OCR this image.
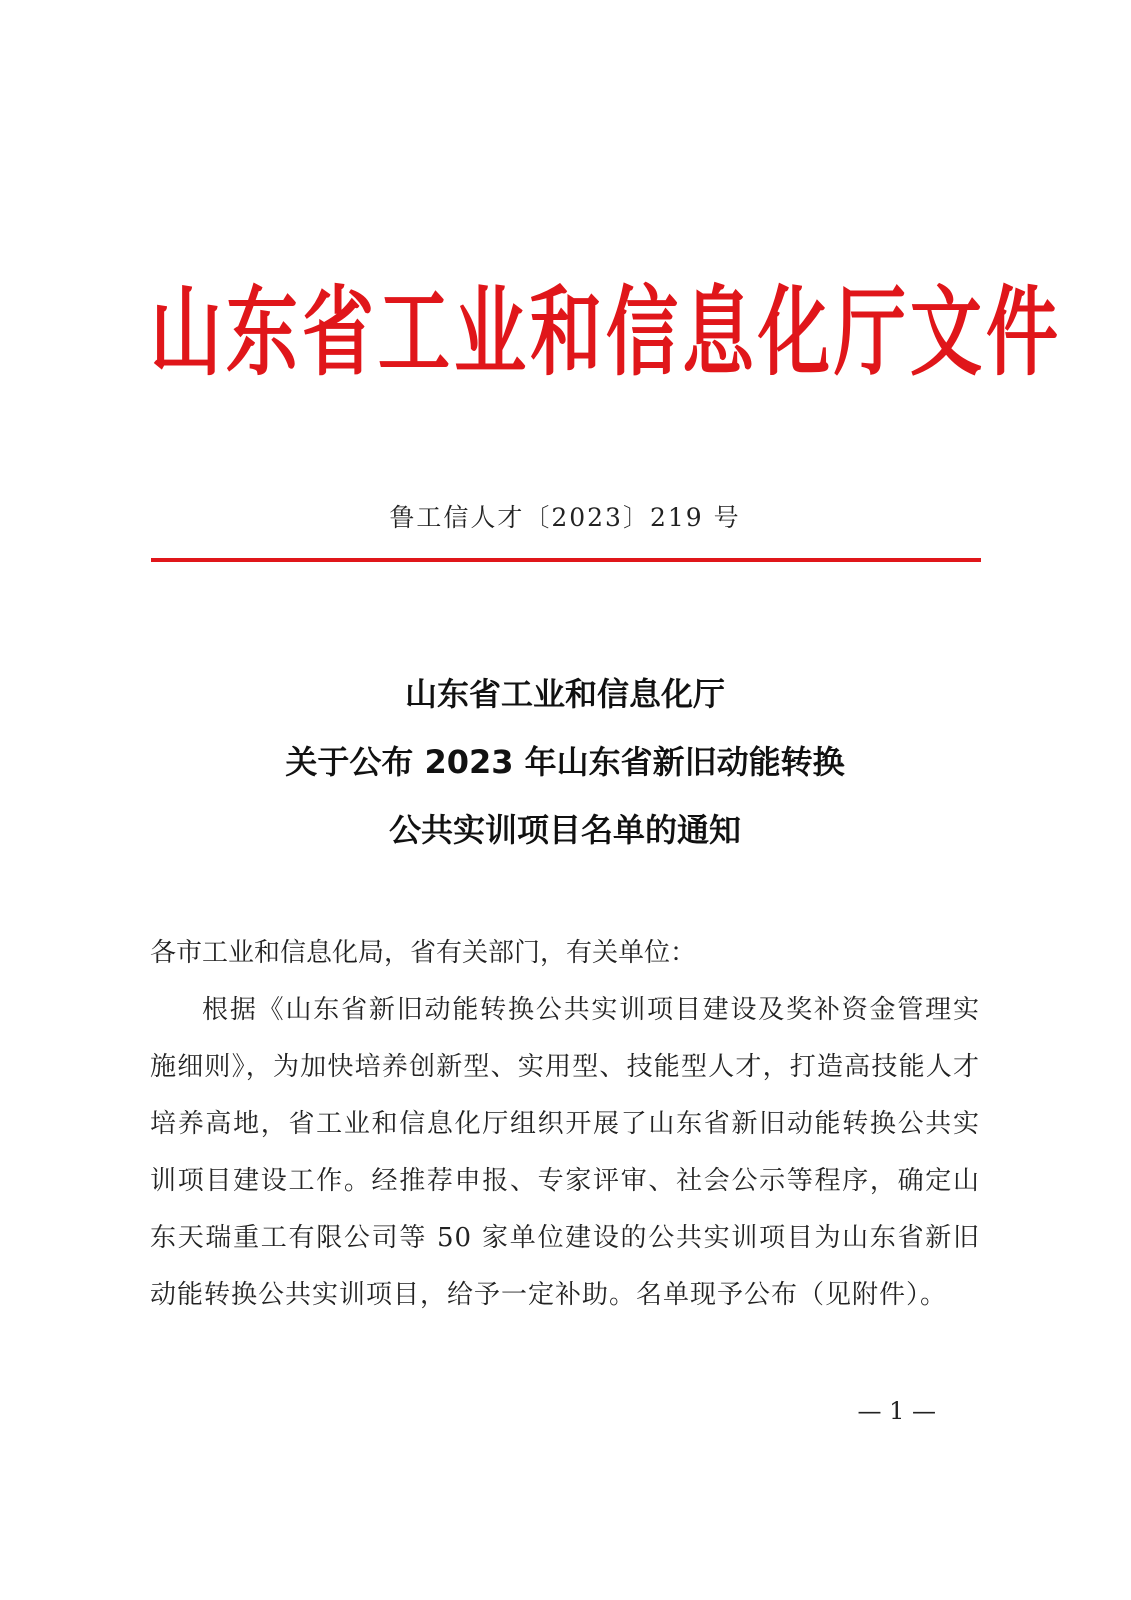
山东省工业和信息化厅文件
鲁工信人才〔2023〕219 号
山东省工业和信息化厅
关于公布 2023 年山东省新旧动能转换
公共实训项目名单的通知
各市工业和信息化局，省有关部门，有关单位：
根据《山东省新旧动能转换公共实训项目建设及奖补资金管理实施细则》，为加快培养创新型、实用型、技能型人才，打造高技能人才培养高地，省工业和信息化厅组织开展了山东省新旧动能转换公共实训项目建设工作。经推荐申报、专家评审、社会公示等程序，确定山东天瑞重工有限公司等 50 家单位建设的公共实训项目为山东省新旧动能转换公共实训项目，给予一定补助。名单现予公布（见附件）。
— 1 —
